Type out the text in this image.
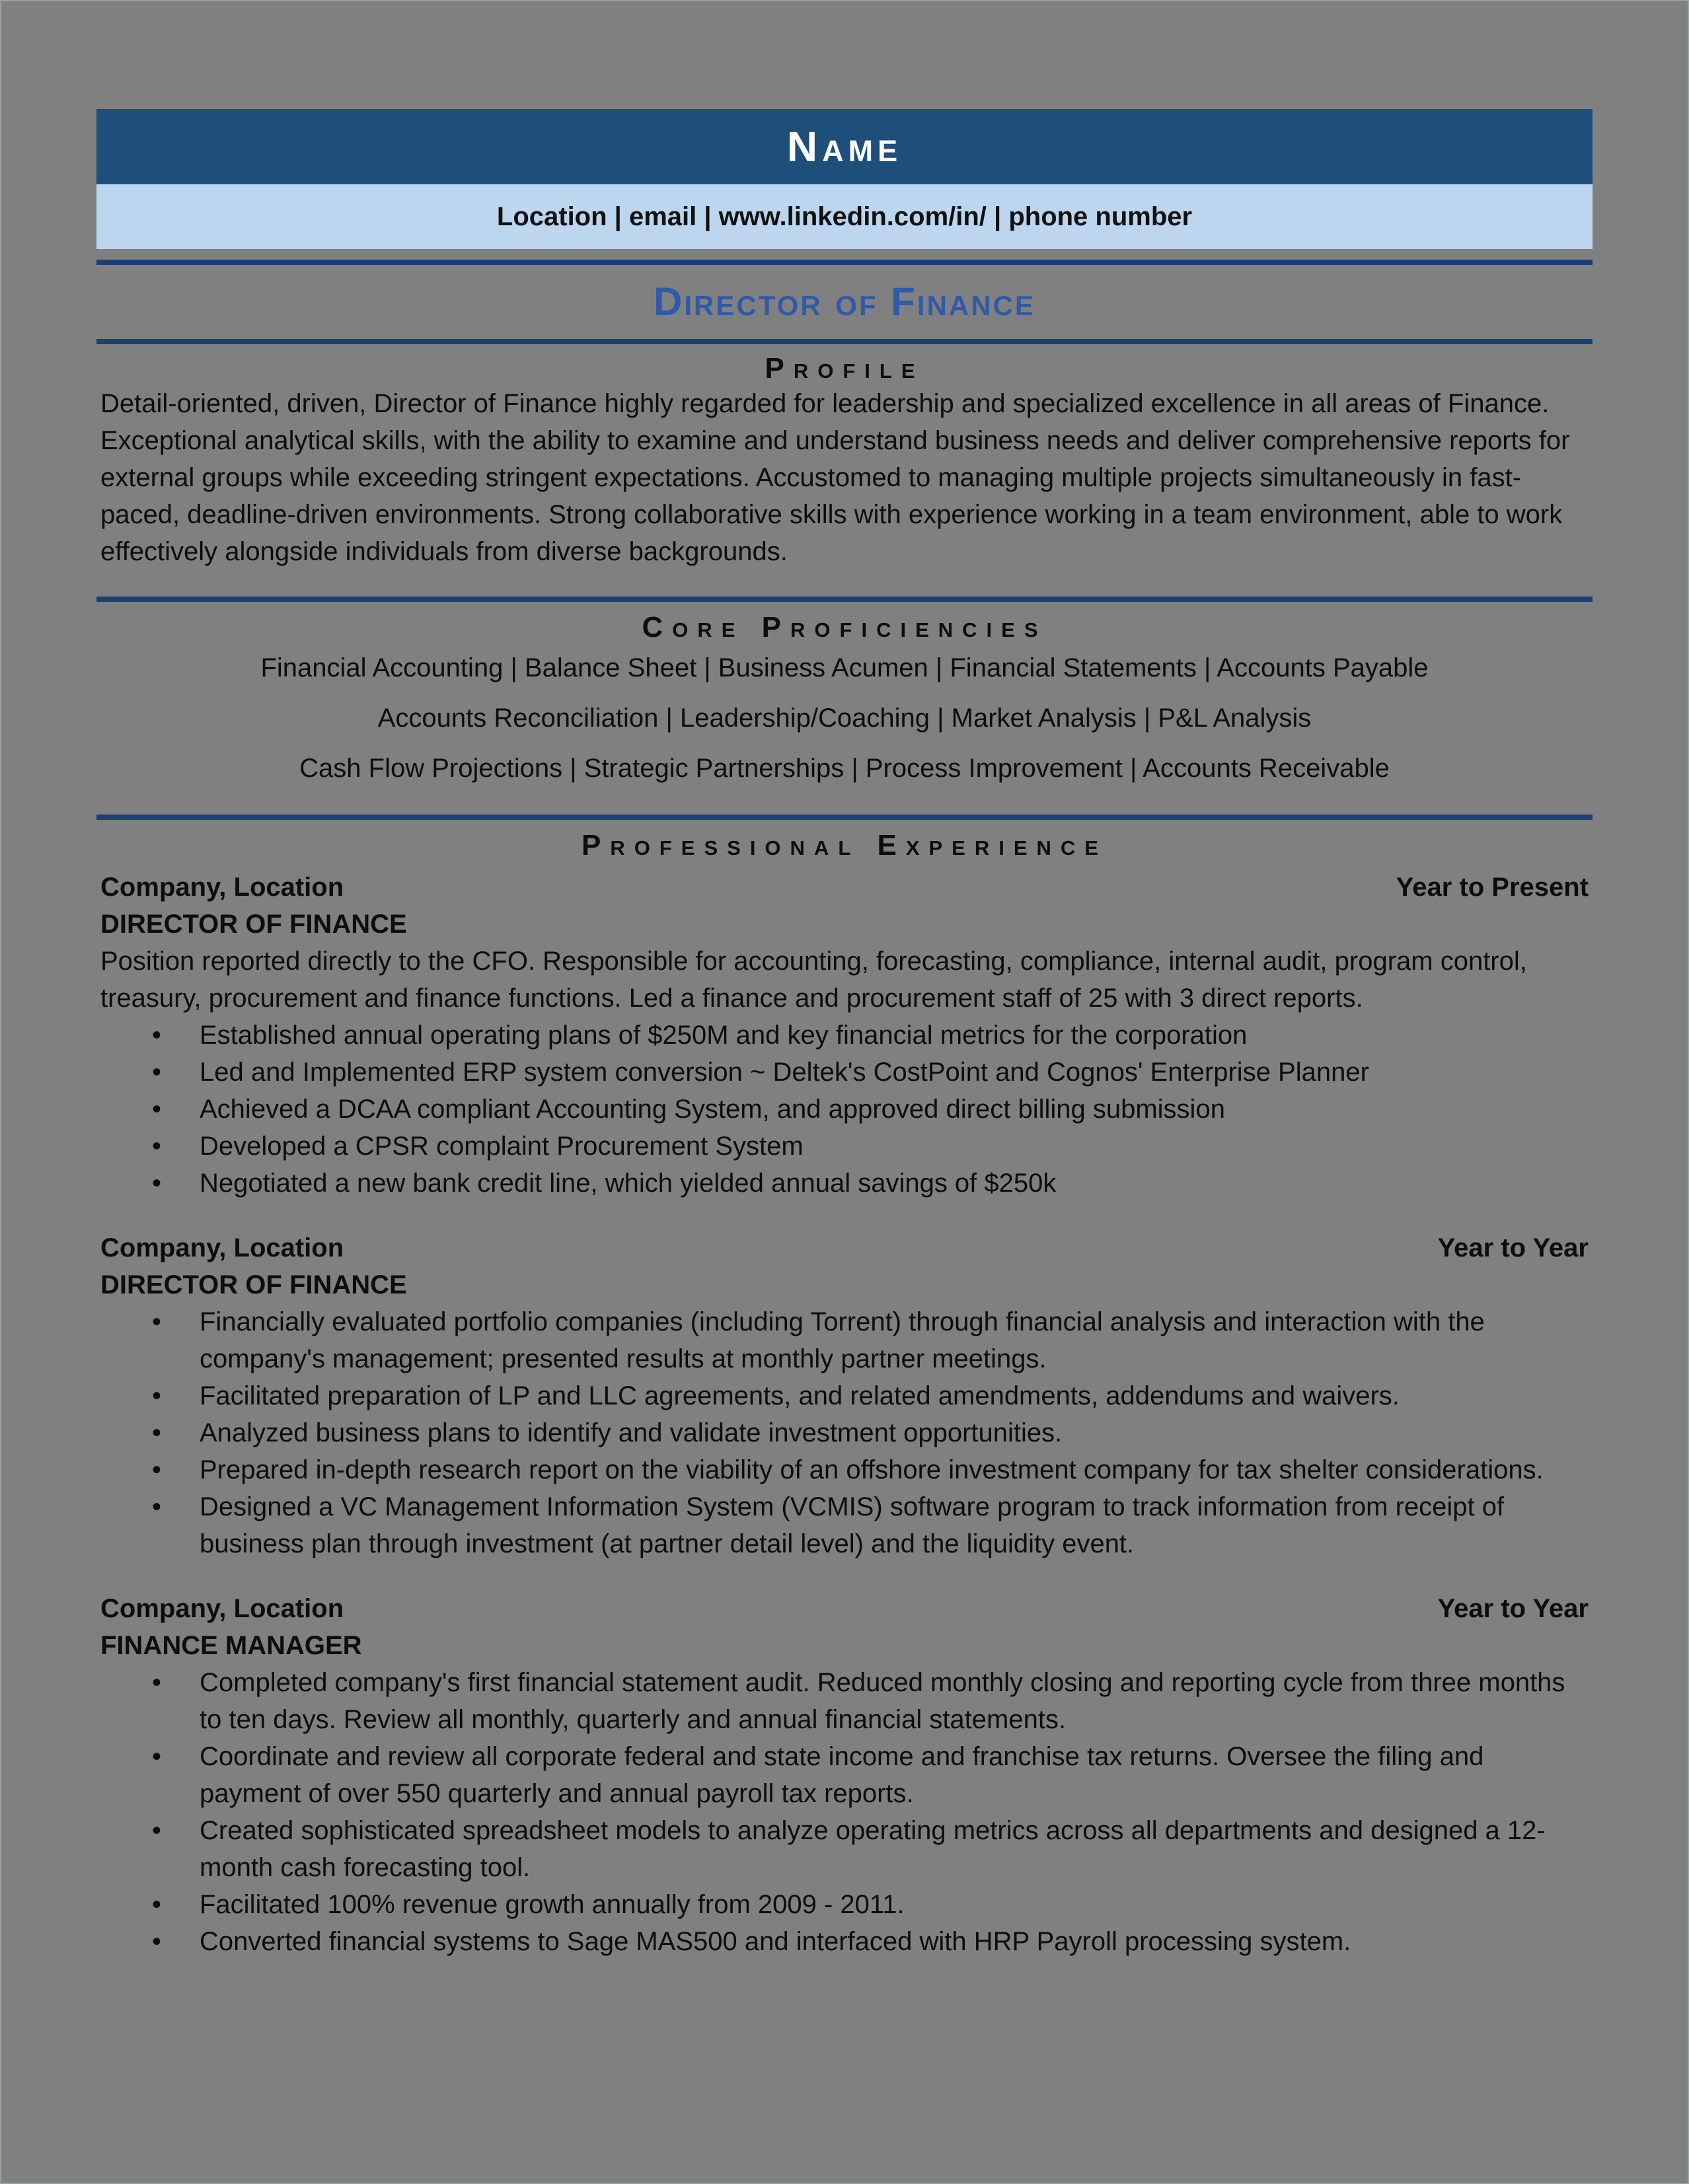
Name
Location | email | www.linkedin.com/in/ | phone number
Director of Finance
Profile
Detail-oriented, driven, Director of Finance highly regarded for leadership and specialized excellence in all areas of Finance. Exceptional analytical skills, with the ability to examine and understand business needs and deliver comprehensive reports for external groups while exceeding stringent expectations. Accustomed to managing multiple projects simultaneously in fast-paced, deadline-driven environments. Strong collaborative skills with experience working in a team environment, able to work effectively alongside individuals from diverse backgrounds.
Core Proficiencies
Financial Accounting | Balance Sheet | Business Acumen | Financial Statements | Accounts Payable
Accounts Reconciliation | Leadership/Coaching | Market Analysis | P&L Analysis
Cash Flow Projections | Strategic Partnerships | Process Improvement | Accounts Receivable
Professional Experience
Company, Location	Year to Present
DIRECTOR OF FINANCE
Position reported directly to the CFO. Responsible for accounting, forecasting, compliance, internal audit, program control, treasury, procurement and finance functions. Led a finance and procurement staff of 25 with 3 direct reports.
• Established annual operating plans of $250M and key financial metrics for the corporation
• Led and Implemented ERP system conversion ~ Deltek's CostPoint and Cognos' Enterprise Planner
• Achieved a DCAA compliant Accounting System, and approved direct billing submission
• Developed a CPSR complaint Procurement System
• Negotiated a new bank credit line, which yielded annual savings of $250k
Company, Location	Year to Year
DIRECTOR OF FINANCE
• Financially evaluated portfolio companies (including Torrent) through financial analysis and interaction with the company's management; presented results at monthly partner meetings.
• Facilitated preparation of LP and LLC agreements, and related amendments, addendums and waivers.
• Analyzed business plans to identify and validate investment opportunities.
• Prepared in-depth research report on the viability of an offshore investment company for tax shelter considerations.
• Designed a VC Management Information System (VCMIS) software program to track information from receipt of business plan through investment (at partner detail level) and the liquidity event.
Company, Location	Year to Year
FINANCE MANAGER
• Completed company's first financial statement audit. Reduced monthly closing and reporting cycle from three months to ten days. Review all monthly, quarterly and annual financial statements.
• Coordinate and review all corporate federal and state income and franchise tax returns. Oversee the filing and payment of over 550 quarterly and annual payroll tax reports.
• Created sophisticated spreadsheet models to analyze operating metrics across all departments and designed a 12-month cash forecasting tool.
• Facilitated 100% revenue growth annually from 2009 - 2011.
• Converted financial systems to Sage MAS500 and interfaced with HRP Payroll processing system.
